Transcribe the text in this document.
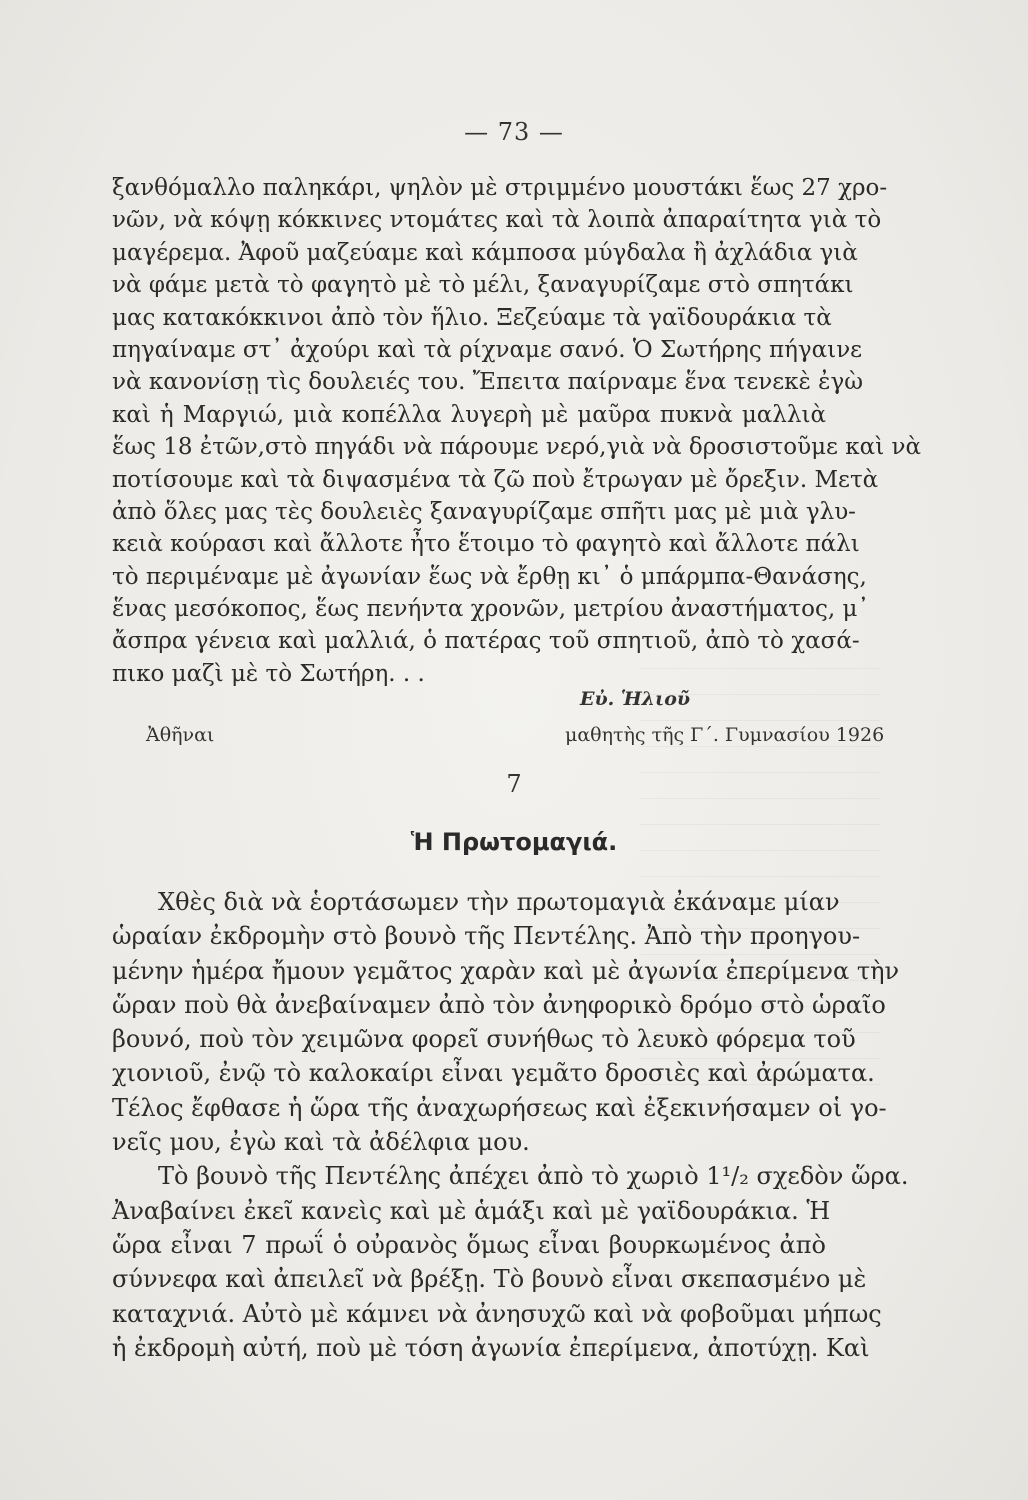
— 73 —
ξανθόμαλλο παληκάρι, ψηλὸν μὲ στριμμένο μουστάκι ἕως 27 χρο-
νῶν, νὰ κόψῃ κόκκινες ντομάτες καὶ τὰ λοιπὰ ἀπαραίτητα γιὰ τὸ
μαγέρεμα. Ἀφοῦ μαζεύαμε καὶ κάμποσα μύγδαλα ἢ ἀχλάδια γιὰ
νὰ φάμε μετὰ τὸ φαγητὸ μὲ τὸ μέλι, ξαναγυρίζαμε στὸ σπητάκι
μας κατακόκκινοι ἀπὸ τὸν ἥλιο. Ξεζεύαμε τὰ γαϊδουράκια τὰ
πηγαίναμε στ᾽ ἀχούρι καὶ τὰ ρίχναμε σανό. Ὁ Σωτήρης πήγαινε
νὰ κανονίσῃ τὶς δουλειές του. Ἔπειτα παίρναμε ἕνα τενεκὲ ἐγὼ
καὶ ἡ Μαργιώ, μιὰ κοπέλλα λυγερὴ μὲ μαῦρα πυκνὰ μαλλιὰ
ἕως 18 ἐτῶν,στὸ πηγάδι νὰ πάρουμε νερό,γιὰ νὰ δροσιστοῦμε καὶ νὰ
ποτίσουμε καὶ τὰ διψασμένα τὰ ζῶ ποὺ ἔτρωγαν μὲ ὄρεξιν. Μετὰ
ἀπὸ ὅλες μας τὲς δουλειὲς ξαναγυρίζαμε σπῆτι μας μὲ μιὰ γλυ-
κειὰ κούρασι καὶ ἄλλοτε ἦτο ἕτοιμο τὸ φαγητὸ καὶ ἄλλοτε πάλι
τὸ περιμέναμε μὲ ἀγωνίαν ἕως νὰ ἔρθῃ κι᾽ ὁ μπάρμπα-Θανάσης,
ἕνας μεσόκοπος, ἕως πενήντα χρονῶν, μετρίου ἀναστήματος, μ᾽
ἄσπρα γένεια καὶ μαλλιά, ὁ πατέρας τοῦ σπητιοῦ, ἀπὸ τὸ χασά-
πικο μαζὶ μὲ τὸ Σωτήρη. . .
Εὐ. Ἡλιοῦ
Ἀθῆναι	μαθητὴς τῆς Γ΄. Γυμνασίου 1926
7
Ἡ Πρωτομαγιά.
Χθὲς διὰ νὰ ἑορτάσωμεν τὴν πρωτομαγιὰ ἐκάναμε μίαν
ὡραίαν ἐκδρομὴν στὸ βουνὸ τῆς Πεντέλης. Ἀπὸ τὴν προηγου-
μένην ἡμέρα ἤμουν γεμᾶτος χαρὰν καὶ μὲ ἀγωνία ἐπερίμενα τὴν
ὥραν ποὺ θὰ ἀνεβαίναμεν ἀπὸ τὸν ἀνηφορικὸ δρόμο στὸ ὡραῖο
βουνό, ποὺ τὸν χειμῶνα φορεῖ συνήθως τὸ λευκὸ φόρεμα τοῦ
χιονιοῦ, ἐνῷ τὸ καλοκαίρι εἶναι γεμᾶτο δροσιὲς καὶ ἀρώματα.
Τέλος ἔφθασε ἡ ὥρα τῆς ἀναχωρήσεως καὶ ἐξεκινήσαμεν οἱ γο-
νεῖς μου, ἐγὼ καὶ τὰ ἀδέλφια μου.
Τὸ βουνὸ τῆς Πεντέλης ἀπέχει ἀπὸ τὸ χωριὸ 1¹/₂ σχεδὸν ὥρα.
Ἀναβαίνει ἐκεῖ κανεὶς καὶ μὲ ἁμάξι καὶ μὲ γαϊδουράκια. Ἡ
ὥρα εἶναι 7 πρωΐ ὁ οὐρανὸς ὅμως εἶναι βουρκωμένος ἀπὸ
σύννεφα καὶ ἀπειλεῖ νὰ βρέξῃ. Τὸ βουνὸ εἶναι σκεπασμένο μὲ
καταχνιά. Αὐτὸ μὲ κάμνει νὰ ἀνησυχῶ καὶ νὰ φοβοῦμαι μήπως
ἡ ἐκδρομὴ αὐτή, ποὺ μὲ τόση ἀγωνία ἐπερίμενα, ἀποτύχῃ. Καὶ
